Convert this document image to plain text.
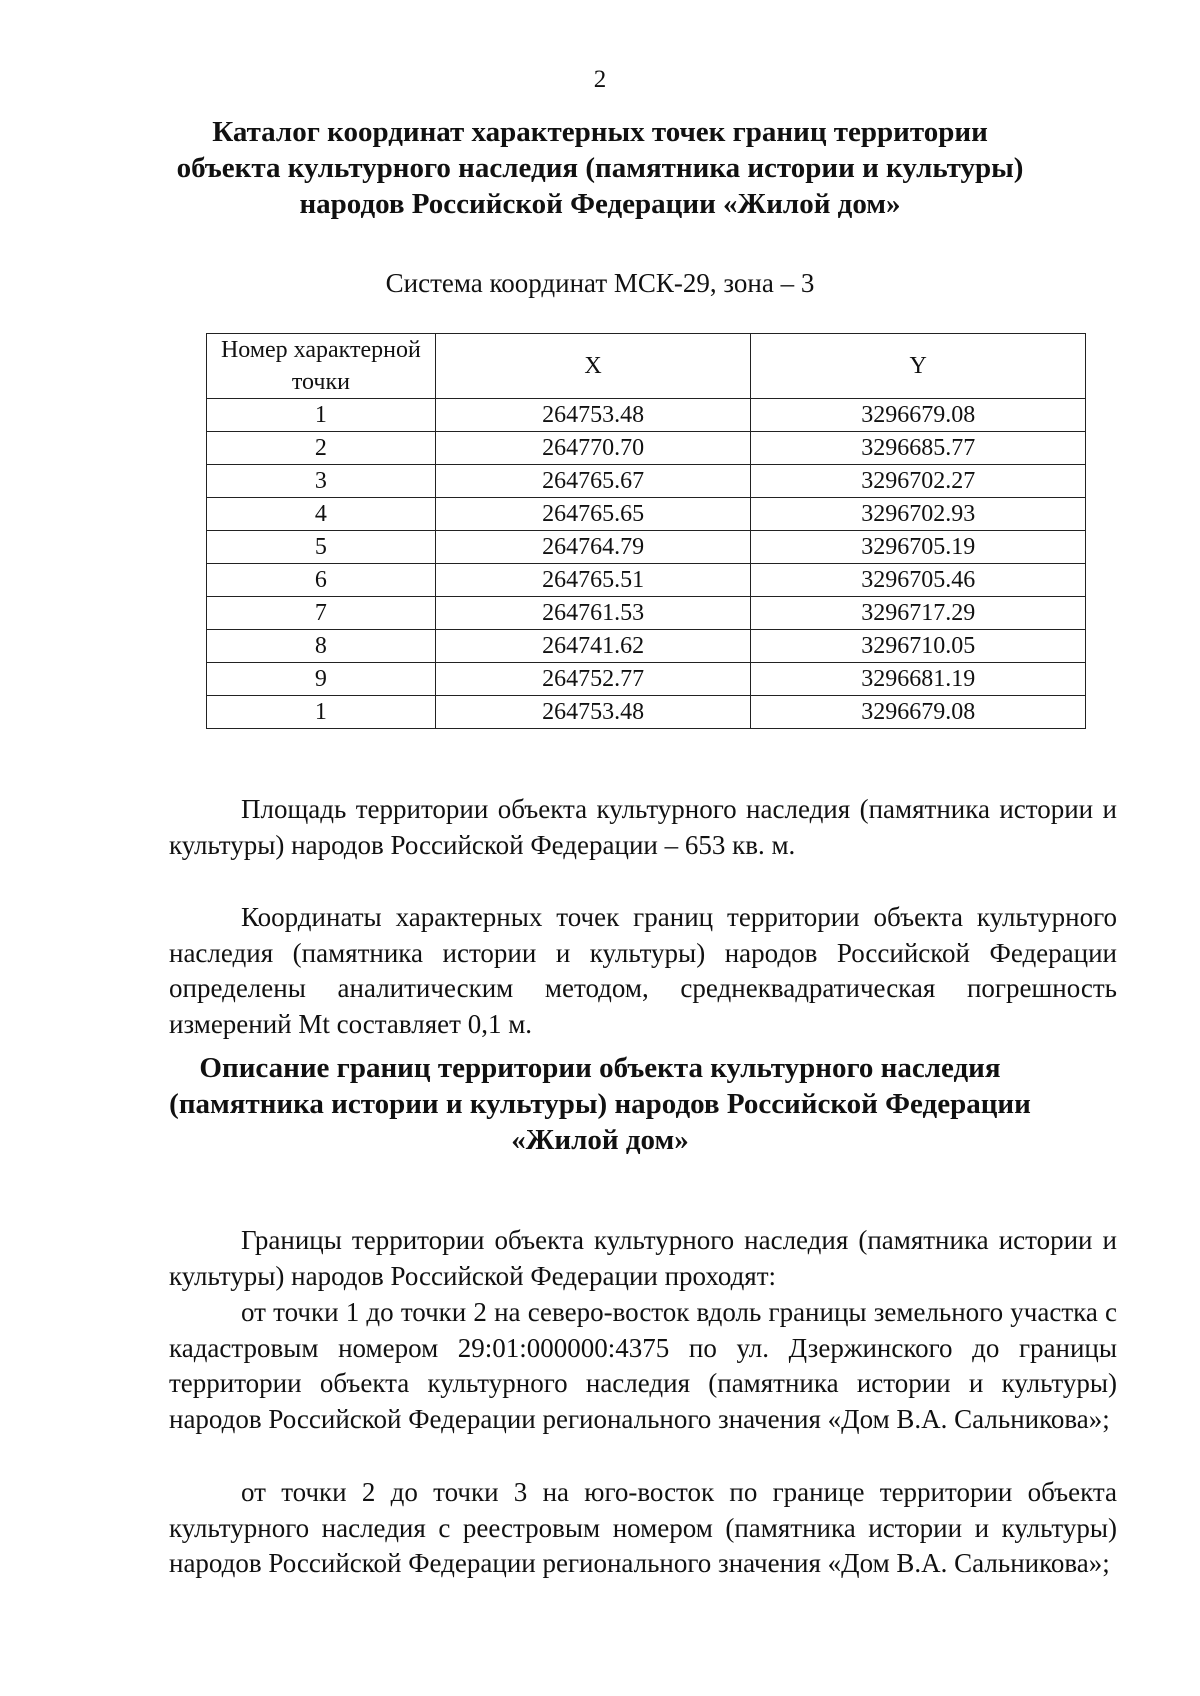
2
Каталог координат характерных точек границ территории
объекта культурного наследия (памятника истории и культуры)
народов Российской Федерации «Жилой дом»
Система координат МСК-29, зона – 3
Номер характерной
точки	X	Y
1	264753.48	3296679.08
2	264770.70	3296685.77
3	264765.67	3296702.27
4	264765.65	3296702.93
5	264764.79	3296705.19
6	264765.51	3296705.46
7	264761.53	3296717.29
8	264741.62	3296710.05
9	264752.77	3296681.19
1	264753.48	3296679.08

Площадь территории объекта культурного наследия (памятника истории и культуры) народов Российской Федерации – 653 кв. м.

Координаты характерных точек границ территории объекта культурного наследия (памятника истории и культуры) народов Российской Федерации определены аналитическим методом, среднеквадратическая погрешность измерений Mt составляет 0,1 м.

Описание границ территории объекта культурного наследия
(памятника истории и культуры) народов Российской Федерации
«Жилой дом»

Границы территории объекта культурного наследия (памятника истории и культуры) народов Российской Федерации проходят:

от точки 1 до точки 2 на северо-восток вдоль границы земельного участка с кадастровым номером 29:01:000000:4375 по ул. Дзержинского до границы территории объекта культурного наследия (памятника истории и культуры) народов Российской Федерации регионального значения «Дом В.А. Сальникова»;

от точки 2 до точки 3 на юго-восток по границе территории объекта культурного наследия с реестровым номером (памятника истории и культуры) народов Российской Федерации регионального значения «Дом В.А. Сальникова»;
